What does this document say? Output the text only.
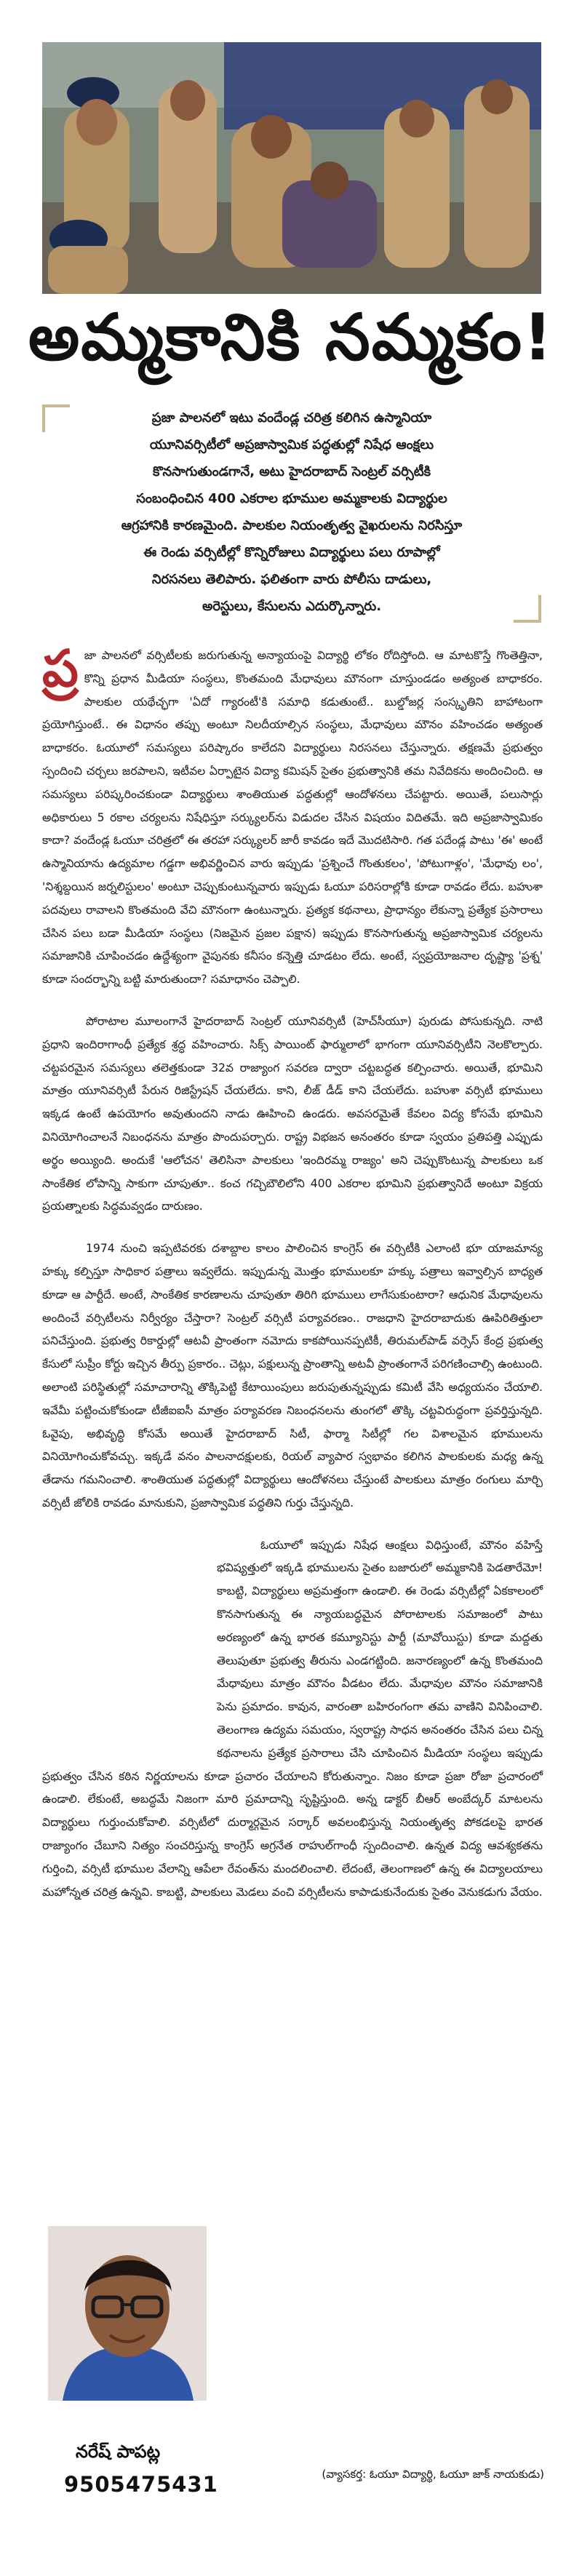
అమ్మకానికి నమ్మకం!
ప్రజా పాలనలో ఇటు వందేండ్ల చరిత్ర కలిగిన ఉస్మానియా
యూనివర్సిటీలో అప్రజాస్వామిక పద్ధతుల్లో నిషేధ ఆంక్షలు
కొనసాగుతుండగానే, అటు హైదరాబాద్ సెంట్రల్ వర్సిటీకి
సంబంధించిన 400 ఎకరాల భూముల అమ్మకాలకు విద్యార్థుల
ఆగ్రహానికి కారణమైంది. పాలకుల నియంతృత్వ వైఖరులను నిరసిస్తూ
ఈ రెండు వర్సిటీల్లో కొన్నిరోజులు విద్యార్థులు పలు రూపాల్లో
నిరసనలు తెలిపారు. ఫలితంగా వారు పోలీసు దాడులు,
అరెస్టులు, కేసులను ఎదుర్కొన్నారు.

ప్ర జా పాలనలో వర్సిటీలకు జరుగుతున్న అన్యాయంపై విద్యార్థి లోకం రోదిస్తోంది. ఆ మాటకొస్తే గొంతెత్తినా, కొన్ని ప్రధాన మీడియా సంస్థలు, కొంతమంది మేధావులు మౌనంగా చూస్తుండడం అత్యంత బాధాకరం. పాలకుల యథేచ్ఛగా 'ఏదో గ్యారంటీ'కి సమాధి కడుతుంటే.. బుల్డోజర్ల సంస్కృతిని బాహాటంగా ప్రయోగిస్తుంటే.. ఈ విధానం తప్పు అంటూ నిలదీయాల్సిన సంస్థలు, మేధావులు మౌనం వహించడం అత్యంత బాధాకరం. ఓయూలో సమస్యలు పరిష్కారం కాలేదని విద్యార్థులు నిరసనలు చేస్తున్నారు. తక్షణమే ప్రభుత్వం స్పందించి చర్చలు జరపాలని, ఇటీవల ఏర్పాటైన విద్యా కమిషన్ సైతం ప్రభుత్వానికి తమ నివేదికను అందించింది. ఆ సమస్యలు పరిష్కరించకుండా విద్యార్థులు శాంతియుత పద్ధతుల్లో ఆందోళనలు చేపట్టారు. అయితే, పలుసార్లు అధికారులు 5 రకాల చర్యలను నిషేధిస్తూ సర్క్యులర్‌ను విడుదల చేసిన విషయం విదితమే. ఇది అప్రజాస్వామికం కాదా? వందేండ్ల ఓయూ చరిత్రలో ఈ తరహా సర్క్యులర్ జారీ కావడం ఇదే మొదటిసారి. గత పదేండ్ల పాటు 'ఈ' అంటే ఉస్మానియాను ఉద్యమాల గడ్డగా అభివర్ణించిన వారు ఇప్పుడు 'ప్రశ్నించే గొంతుకలం', 'పోటుగాళ్లం', 'మేధావు లం', 'నిశ్శబ్దయిన జర్నలిస్టులం' అంటూ చెప్పుకుంటున్నవారు ఇప్పుడు ఓయూ పరిసరాల్లోకి కూడా రావడం లేదు. బహుశా పదవులు రావాలని కొంతమంది వేచి మౌనంగా ఉంటున్నారు. ప్రత్యక కథనాలు, ప్రాధాన్యం లేకున్నా ప్రత్యేక ప్రసారాలు చేసిన పలు బడా మీడియా సంస్థలు (నిజమైన ప్రజల పక్షాన) ఇప్పుడు కొనసాగుతున్న అప్రజాస్వామిక చర్యలను సమాజానికి చూపించడం ఉద్దేశ్యంగా వైపునకు కనీసం కన్నెత్తి చూడటం లేదు. అంటే, స్వప్రయోజనాల దృష్ట్యా 'ప్రశ్న' కూడా సందర్భాన్ని బట్టి మారుతుందా? సమాధానం చెప్పాలి.

పోరాటాల మూలంగానే హైదరాబాద్ సెంట్రల్ యూనివర్సిటీ (హెచ్‌సీయూ) పురుడు పోసుకున్నది. నాటి ప్రధాని ఇందిరాగాంధీ ప్రత్యేక శ్రద్ధ వహించారు. సిక్స్ పాయింట్ ఫార్ములాలో భాగంగా యూనివర్సిటీని నెలకొల్పారు. చట్టపరమైన సమస్యలు తలెత్తకుండా 32వ రాజ్యాంగ సవరణ ద్వారా చట్టబద్ధత కల్పించారు. అయితే, భూమిని మాత్రం యూనివర్సిటీ పేరున రిజిస్ట్రేషన్ చేయలేదు. కాని, లీజ్ డీడ్ కాని చేయలేదు. బహుశా వర్సిటీ భూములు ఇక్కడ ఉంటే ఉపయోగం అవుతుందని నాడు ఊహించి ఉండరు. అవసరమైతే కేవలం విద్య కోసమే భూమిని వినియోగించాలనే నిబంధనను మాత్రం పొందుపర్చారు. రాష్ట్ర విభజన అనంతరం కూడా స్వయం ప్రతిపత్తి ఎప్పుడు అర్థం అయ్యింది. అందుకే 'ఆలోచన' తెలిసినా పాలకులు 'ఇందిరమ్మ రాజ్యం' అని చెప్పుకొంటున్న పాలకులు ఒక సాంకేతిక లోపాన్ని సాకుగా చూపుతూ.. కంచ గచ్చిబౌలిలోని 400 ఎకరాల భూమిని ప్రభుత్వానిదే అంటూ విక్రయ ప్రయత్నాలకు సిద్ధమవ్వడం దారుణం.

1974 నుంచి ఇప్పటివరకు దశాబ్దాల కాలం పాలించిన కాంగ్రెస్ ఈ వర్సిటీకి ఎలాంటి భూ యాజమాన్య హక్కు కల్పిస్తూ సాధికార పత్రాలు ఇవ్వలేదు. ఇప్పుడున్న మొత్తం భూములకూ హక్కు పత్రాలు ఇవ్వాల్సిన బాధ్యత కూడా ఆ పార్టీదే. అంటే, సాంకేతిక కారణాలను చూపుతూ తిరిగి భూములు లాగేసుకుంటారా? ఆధునిక మేధావులను అందించే వర్సిటీలను నిర్వీర్యం చేస్తారా? సెంట్రల్ వర్సిటీ పర్యావరణం.. రాజధాని హైదరాబాదుకు ఊపిరితిత్తులా పనిచేస్తుంది. ప్రభుత్వ రికార్డుల్లో ఆటవీ ప్రాంతంగా నమోదు కాకపోయినప్పటికీ, తిరుమల్‌పాడ్ వర్సెస్ కేంద్ర ప్రభుత్వ కేసులో సుప్రీం కోర్టు ఇచ్చిన తీర్పు ప్రకారం.. చెట్లు, పక్షులున్న ప్రాంతాన్ని అటవీ ప్రాంతంగానే పరిగణించాల్సి ఉంటుంది. అలాంటి పరిస్థితుల్లో సమాచారాన్ని తొక్కిపెట్టి కేటాయింపులు జరుపుతున్నప్పుడు కమిటీ వేసి అధ్యయనం చేయాలి. ఇవేమీ పట్టించుకోకుండా టీజీఐఐసీ మాత్రం పర్యావరణ నిబంధనలను తుంగలో తొక్కి చట్టవిరుద్ధంగా ప్రవర్తిస్తున్నది. ఓవైపు, అభివృద్ధి కోసమే అయితే హైదరాబాద్ సిటీ, ఫార్మా సిటీల్లో గల విశాలమైన భూములను వినియోగించుకోవచ్చు. ఇక్కడే వనం పాలనాదక్షులకు, రియల్ వ్యాపార స్వభావం కలిగిన పాలకులకు మధ్య ఉన్న తేడాను గమనించాలి. శాంతియుత పద్ధతుల్లో విద్యార్థులు ఆందోళనలు చేస్తుంటే పాలకులు మాత్రం రంగులు మార్చి వర్సిటీ జోలికి రావడం మానుకుని, ప్రజాస్వామిక పద్ధతిని గుర్తు చేస్తున్నది.

ఓయూలో ఇప్పుడు నిషేధ ఆంక్షలు విధిస్తుంటే, మౌనం వహిస్తే భవిష్యత్తులో ఇక్కడి భూములను సైతం బజారులో అమ్మకానికి పెడతారేమో! కాబట్టి, విద్యార్థులు అప్రమత్తంగా ఉండాలి. ఈ రెండు వర్సిటీల్లో ఏకకాలంలో కొనసాగుతున్న ఈ న్యాయబద్ధమైన పోరాటాలకు సమాజంలో పాటు అరణ్యంలో ఉన్న భారత కమ్యూనిస్టు పార్టీ (మావోయిస్టు) కూడా మద్దతు తెలుపుతూ ప్రభుత్వ తీరును ఎండగట్టింది. జనారణ్యంలో ఉన్న కొంతమంది మేధావులు మాత్రం మౌనం వీడటం లేదు. మేధావుల మౌనం సమాజానికి పెను ప్రమాదం. కావున, వారంతా బహిరంగంగా తమ వాణిని వినిపించాలి. తెలంగాణ ఉద్యమ సమయం, స్వరాష్ట్ర సాధన అనంతరం చేసిన పలు చిన్న కథనాలను ప్రత్యేక ప్రసారాలు చేసి చూపించిన మీడియా సంస్థలు ఇప్పుడు ప్రభుత్వం చేసిన కఠిన నిర్ణయాలను కూడా ప్రచారం చేయాలని కోరుతున్నాం. నిజం కూడా ప్రజా రోజా ప్రచారంలో ఉండాలి. లేకుంటే, అబద్ధమే నిజంగా మారి ప్రమాదాన్ని సృష్టిస్తుంది. అన్న డాక్టర్ బీఆర్ అంబేద్కర్ మాటలను విద్యార్థులు గుర్తుంచుకోవాలి. వర్సిటీలో దుర్మార్గమైన సర్కార్ అవలంభిస్తున్న నియంతృత్వ పోకడలపై భారత రాజ్యాంగం చేబూని నిత్యం సంచరిస్తున్న కాంగ్రెస్ అగ్రనేత రాహుల్‌గాంధీ స్పందించాలి. ఉన్నత విద్య ఆవశ్యకతను గుర్తించి, వర్సిటీ భూముల వేలాన్ని ఆపేలా రేవంత్‌ను మందలించాలి. లేదంటే, తెలంగాణలో ఉన్న ఈ విద్యాలయాలు మహోన్నత చరిత్ర ఉన్నవి. కాబట్టి, పాలకులు మెడలు వంచి వర్సిటీలను కాపాడుకునేందుకు సైతం వెనుకడుగు వేయం.

నరేష్ పాపట్ల
9505475431	(వ్యాసకర్త: ఓయూ విద్యార్థి, ఓయూ జాక్ నాయకుడు)
